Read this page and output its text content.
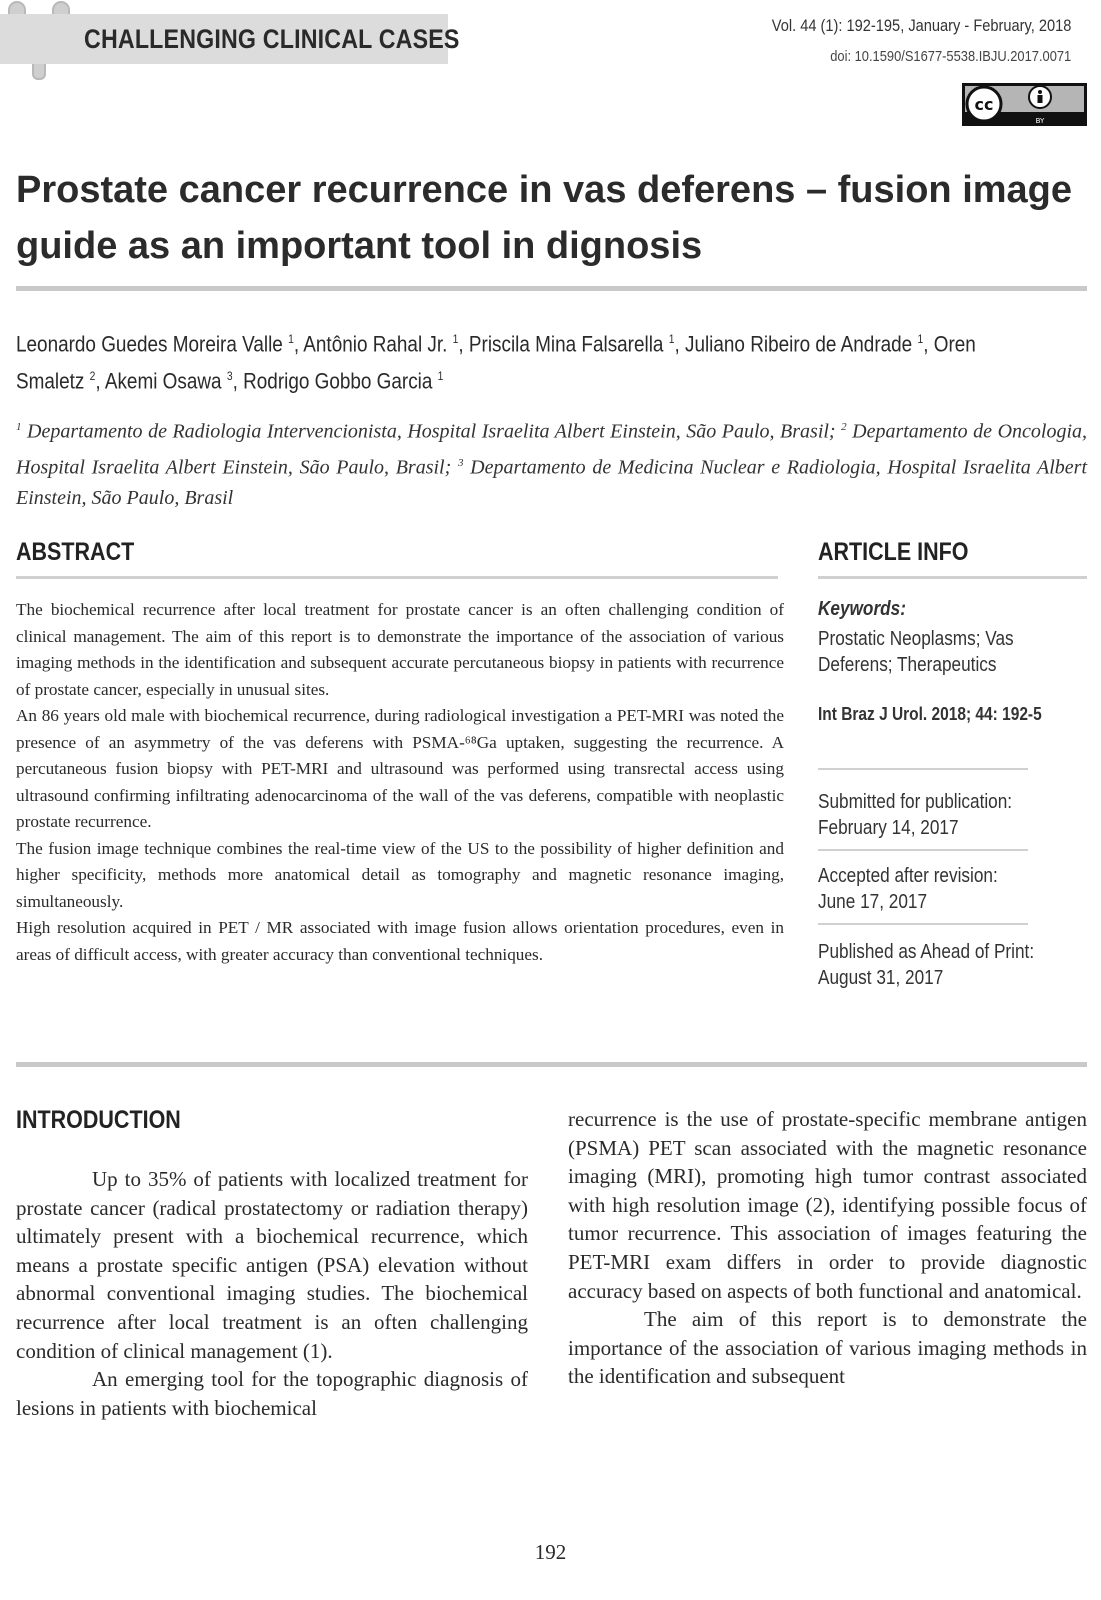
CHALLENGING CLINICAL CASES	Vol. 44 (1): 192-195, January - February, 2018
doi: 10.1590/S1677-5538.IBJU.2017.0071
cc
BY
Prostate cancer recurrence in vas deferens – fusion image guide as an important tool in dignosis
Leonardo Guedes Moreira Valle $^1$, Antônio Rahal Jr. $^1$, Priscila Mina Falsarella $^1$, Juliano Ribeiro de Andrade $^1$, Oren
Smaletz $^2$, Akemi Osawa $^3$, Rodrigo Gobbo Garcia $^1$
$^1$ Departamento de Radiologia Intervencionista, Hospital Israelita Albert Einstein, São Paulo, Brasil; $^2$ Departamento de Oncologia, Hospital Israelita Albert Einstein, São Paulo, Brasil; $^3$ Departamento de Medicina Nuclear e Radiologia, Hospital Israelita Albert Einstein, São Paulo, Brasil
ABSTRACT

The biochemical recurrence after local treatment for prostate cancer is an often challenging condition of clinical management. The aim of this report is to demonstrate the importance of the association of various imaging methods in the identification and subsequent accurate percutaneous biopsy in patients with recurrence of prostate cancer, especially in unusual sites.

An 86 years old male with biochemical recurrence, during radiological investigation a PET-MRI was noted the presence of an asymmetry of the vas deferens with PSMA-⁶⁸Ga uptaken, suggesting the recurrence. A percutaneous fusion biopsy with PET-MRI and ultrasound was performed using transrectal access using ultrasound confirming infiltrating adenocarcinoma of the wall of the vas deferens, compatible with neoplastic prostate recurrence.

The fusion image technique combines the real-time view of the US to the possibility of higher definition and higher specificity, methods more anatomical detail as tomography and magnetic resonance imaging, simultaneously.

High resolution acquired in PET / MR associated with image fusion allows orientation procedures, even in areas of difficult access, with greater accuracy than conventional techniques.

ARTICLE INFO
Keywords:
Prostatic Neoplasms; Vas Deferens; Therapeutics
Int Braz J Urol. 2018; 44: 192-5
Submitted for publication:
February 14, 2017
Accepted after revision:
June 17, 2017
Published as Ahead of Print:
August 31, 2017
INTRODUCTION

Up to 35% of patients with localized treatment for prostate cancer (radical prostatectomy or radiation therapy) ultimately present with a biochemical recurrence, which means a prostate specific antigen (PSA) elevation without abnormal conventional imaging studies. The biochemical recurrence after local treatment is an often challenging condition of clinical management (1).

An emerging tool for the topographic diagnosis of lesions in patients with biochemical

recurrence is the use of prostate-specific membrane antigen (PSMA) PET scan associated with the magnetic resonance imaging (MRI), promoting high tumor contrast associated with high resolution image (2), identifying possible focus of tumor recurrence. This association of images featuring the PET-MRI exam differs in order to provide diagnostic accuracy based on aspects of both functional and anatomical.

The aim of this report is to demonstrate the importance of the association of various imaging methods in the identification and subsequent

192
